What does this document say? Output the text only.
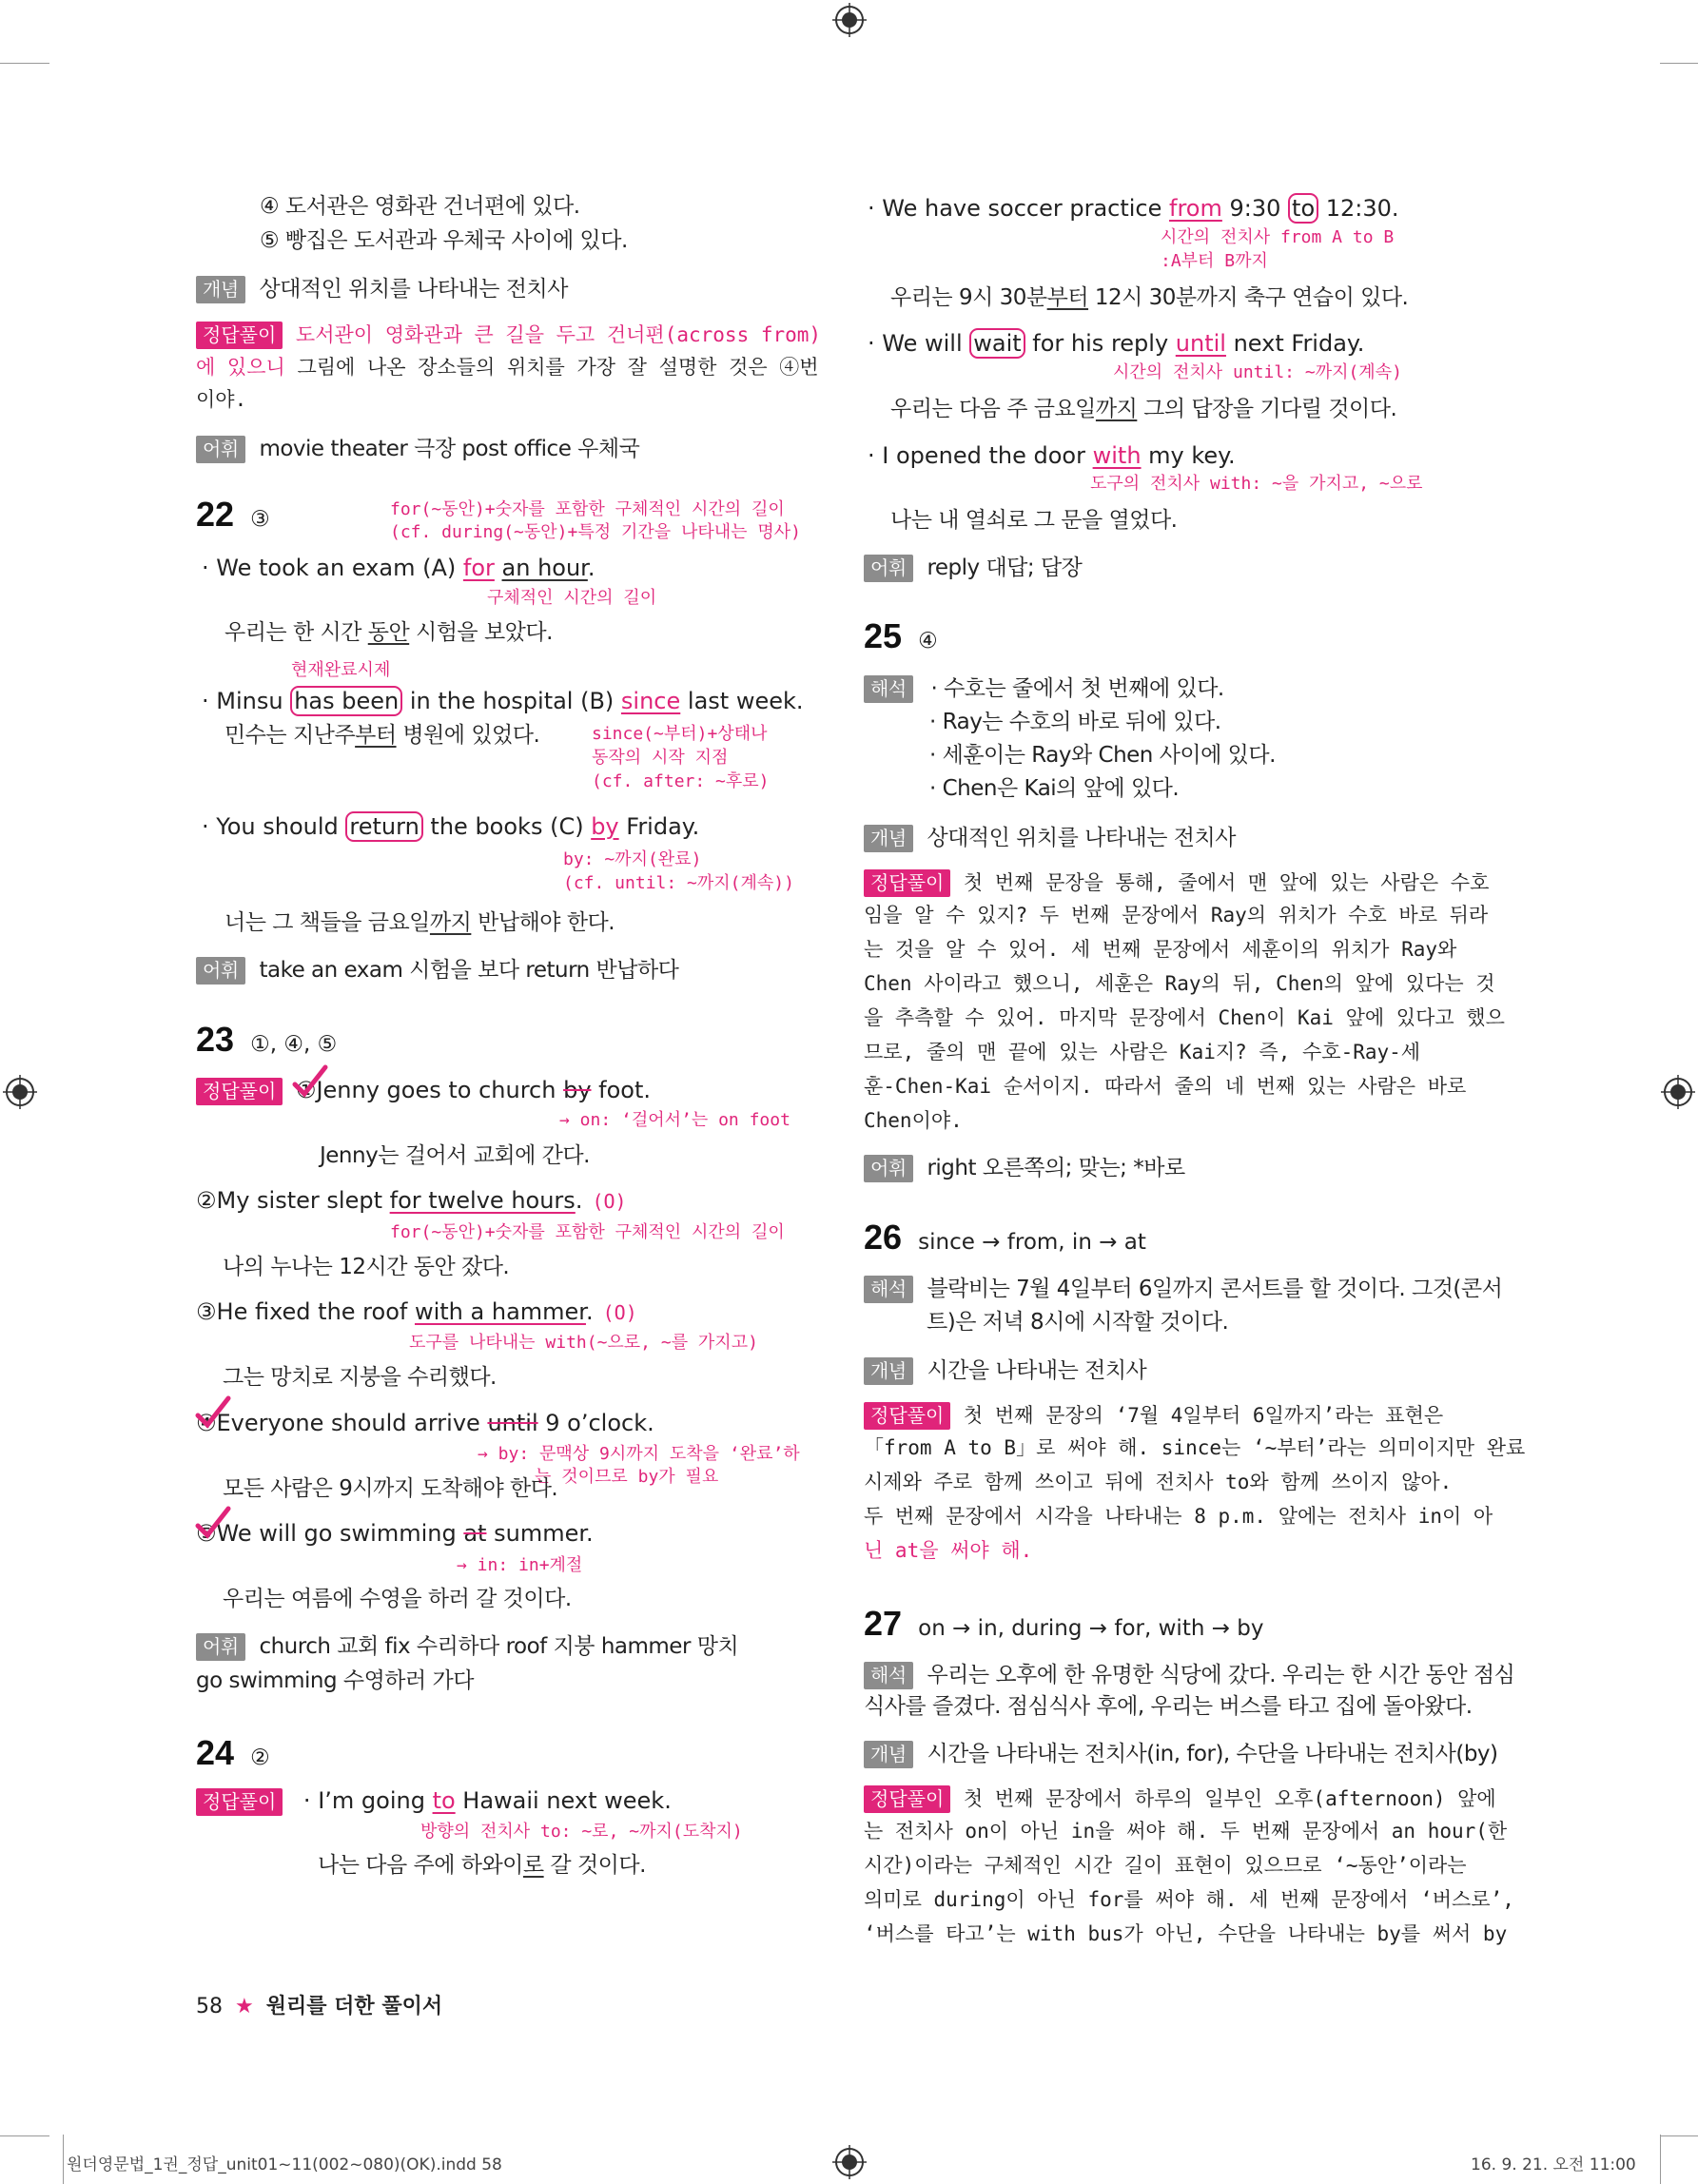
④ 도서관은 영화관 건너편에 있다.
⑤ 빵집은 도서관과 우체국 사이에 있다.
개념 상대적인 위치를 나타내는 전치사
정답풀이 도서관이 영화관과 큰 길을 두고 건너편(across from)
에 있으니 그림에 나온 장소들의 위치를 가장 잘 설명한 것은 ④번
이야.
어휘 movie theater 극장 post office 우체국
22 ③	for(~동안)+숫자를 포함한 구체적인 시간의 길이
(cf. during(~동안)+특정 기간을 나타내는 명사)
· We took an exam (A) for an hour.
구체적인 시간의 길이
우리는 한 시간 동안 시험을 보았다.
현재완료시제
· Minsu has been in the hospital (B) since last week.
민수는 지난주부터 병원에 있었다.	since(~부터)+상태나
동작의 시작 지점
(cf. after: ~후로)
· You should return the books (C) by Friday.
by: ~까지(완료)
(cf. until: ~까지(계속))
너는 그 책들을 금요일까지 반납해야 한다.
어휘 take an exam 시험을 보다 return 반납하다
23 ①, ④, ⑤
정답풀이 ①Jenny goes to church by foot.
→ on: ‘걸어서’는 on foot
Jenny는 걸어서 교회에 간다.
②My sister slept for twelve hours. (O)
for(~동안)+숫자를 포함한 구체적인 시간의 길이
나의 누나는 12시간 동안 잤다.
③He fixed the roof with a hammer. (O)
도구를 나타내는 with(~으로, ~를 가지고)
그는 망치로 지붕을 수리했다.
④Everyone should arrive until 9 o’clock.
→ by: 문맥상 9시까지 도착을 ‘완료’하
는 것이므로 by가 필요
모든 사람은 9시까지 도착해야 한다.
⑤We will go swimming at summer.
→ in: in+계절
우리는 여름에 수영을 하러 갈 것이다.
어휘 church 교회 fix 수리하다 roof 지붕 hammer 망치
go swimming 수영하러 가다
24 ②
정답풀이 · I’m going to Hawaii next week.
방향의 전치사 to: ~로, ~까지(도착지)
나는 다음 주에 하와이로 갈 것이다.
58 ★ 원리를 더한 풀이서
원더영문법_1권_정답_unit01~11(002~080)(OK).indd 58	16. 9. 21. 오전 11:00
· We have soccer practice from 9:30 to 12:30.
시간의 전치사 from A to B
:A부터 B까지
우리는 9시 30분부터 12시 30분까지 축구 연습이 있다.
· We will wait for his reply until next Friday.
시간의 전치사 until: ~까지(계속)
우리는 다음 주 금요일까지 그의 답장을 기다릴 것이다.
· I opened the door with my key.
도구의 전치사 with: ~을 가지고, ~으로
나는 내 열쇠로 그 문을 열었다.
어휘 reply 대답; 답장
25 ④
해석 · 수호는 줄에서 첫 번째에 있다.
· Ray는 수호의 바로 뒤에 있다.
· 세훈이는 Ray와 Chen 사이에 있다.
· Chen은 Kai의 앞에 있다.
개념 상대적인 위치를 나타내는 전치사
정답풀이 첫 번째 문장을 통해, 줄에서 맨 앞에 있는 사람은 수호
임을 알 수 있지? 두 번째 문장에서 Ray의 위치가 수호 바로 뒤라
는 것을 알 수 있어. 세 번째 문장에서 세훈이의 위치가 Ray와
Chen 사이라고 했으니, 세훈은 Ray의 뒤, Chen의 앞에 있다는 것
을 추측할 수 있어. 마지막 문장에서 Chen이 Kai 앞에 있다고 했으
므로, 줄의 맨 끝에 있는 사람은 Kai지? 즉, 수호-Ray-세
훈-Chen-Kai 순서이지. 따라서 줄의 네 번째 있는 사람은 바로
Chen이야.
어휘 right 오른쪽의; 맞는; *바로
26 since → from, in → at
해석 블락비는 7월 4일부터 6일까지 콘서트를 할 것이다. 그것(콘서
트)은 저녁 8시에 시작할 것이다.
개념 시간을 나타내는 전치사
정답풀이 첫 번째 문장의 ‘7월 4일부터 6일까지’라는 표현은
「from A to B」로 써야 해. since는 ‘~부터’라는 의미이지만 완료
시제와 주로 함께 쓰이고 뒤에 전치사 to와 함께 쓰이지 않아.
두 번째 문장에서 시각을 나타내는 8 p.m. 앞에는 전치사 in이 아
닌 at을 써야 해.
27 on → in, during → for, with → by
해석 우리는 오후에 한 유명한 식당에 갔다. 우리는 한 시간 동안 점심
식사를 즐겼다. 점심식사 후에, 우리는 버스를 타고 집에 돌아왔다.
개념 시간을 나타내는 전치사(in, for), 수단을 나타내는 전치사(by)
정답풀이 첫 번째 문장에서 하루의 일부인 오후(afternoon) 앞에
는 전치사 on이 아닌 in을 써야 해. 두 번째 문장에서 an hour(한
시간)이라는 구체적인 시간 길이 표현이 있으므로 ‘~동안’이라는
의미로 during이 아닌 for를 써야 해. 세 번째 문장에서 ‘버스로’,
‘버스를 타고’는 with bus가 아닌, 수단을 나타내는 by를 써서 by
